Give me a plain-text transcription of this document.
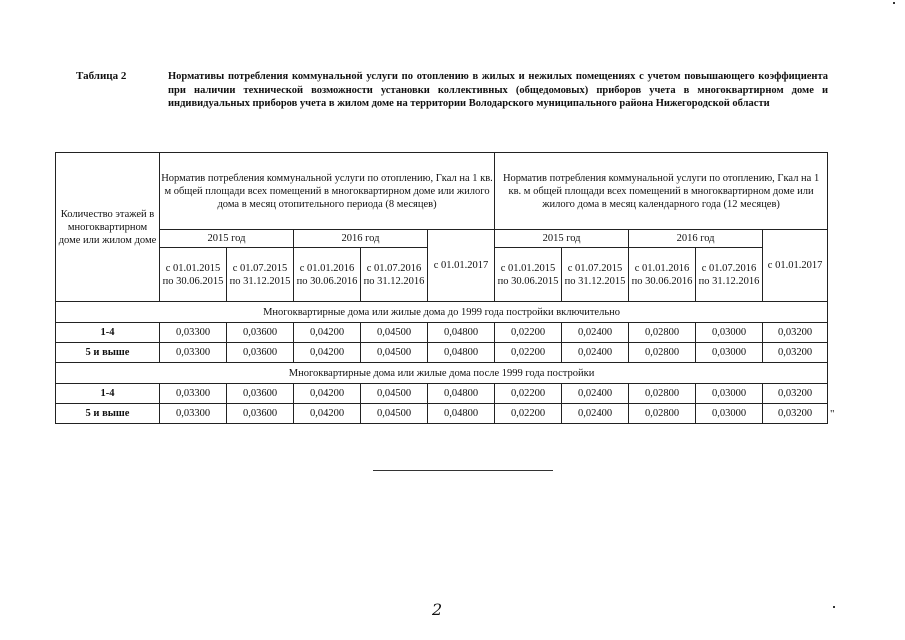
Таблица 2	Нормативы потребления коммунальной услуги по отоплению в жилых и нежилых помещениях с учетом повышающего коэффициента при наличии технической возможности установки коллективных (общедомовых) приборов учета в многоквартирном доме и индивидуальных приборов учета в жилом доме на территории Володарского муниципального района Нижегородской области
Количество этажей в многоквартирном доме или жилом доме	Норматив потребления коммунальной услуги по отоплению, Гкал на 1 кв. м общей площади всех помещений в многоквартирном доме или жилого дома в месяц отопительного периода (8 месяцев)					Норматив потребления коммунальной услуги по отоплению, Гкал на 1 кв. м общей площади всех помещений в многоквартирном доме или жилого дома в месяц календарного года (12 месяцев)				
	2015 год		2016 год		с 01.01.2017	2015 год		2016 год		с 01.01.2017
	с 01.01.2015 по 30.06.2015	с 01.07.2015 по 31.12.2015	с 01.01.2016 по 30.06.2016	с 01.07.2016 по 31.12.2016		с 01.01.2015 по 30.06.2015	с 01.07.2015 по 31.12.2015	с 01.01.2016 по 30.06.2016	с 01.07.2016 по 31.12.2016	
Многоквартирные дома или жилые дома до 1999 года постройки включительно										
1-4	0,03300	0,03600	0,04200	0,04500	0,04800	0,02200	0,02400	0,02800	0,03000	0,03200
5 и выше	0,03300	0,03600	0,04200	0,04500	0,04800	0,02200	0,02400	0,02800	0,03000	0,03200
Многоквартирные дома или жилые дома после 1999 года постройки										
1-4	0,03300	0,03600	0,04200	0,04500	0,04800	0,02200	0,02400	0,02800	0,03000	0,03200
5 и выше	0,03300	0,03600	0,04200	0,04500	0,04800	0,02200	0,02400	0,02800	0,03000	0,03200 "
2
